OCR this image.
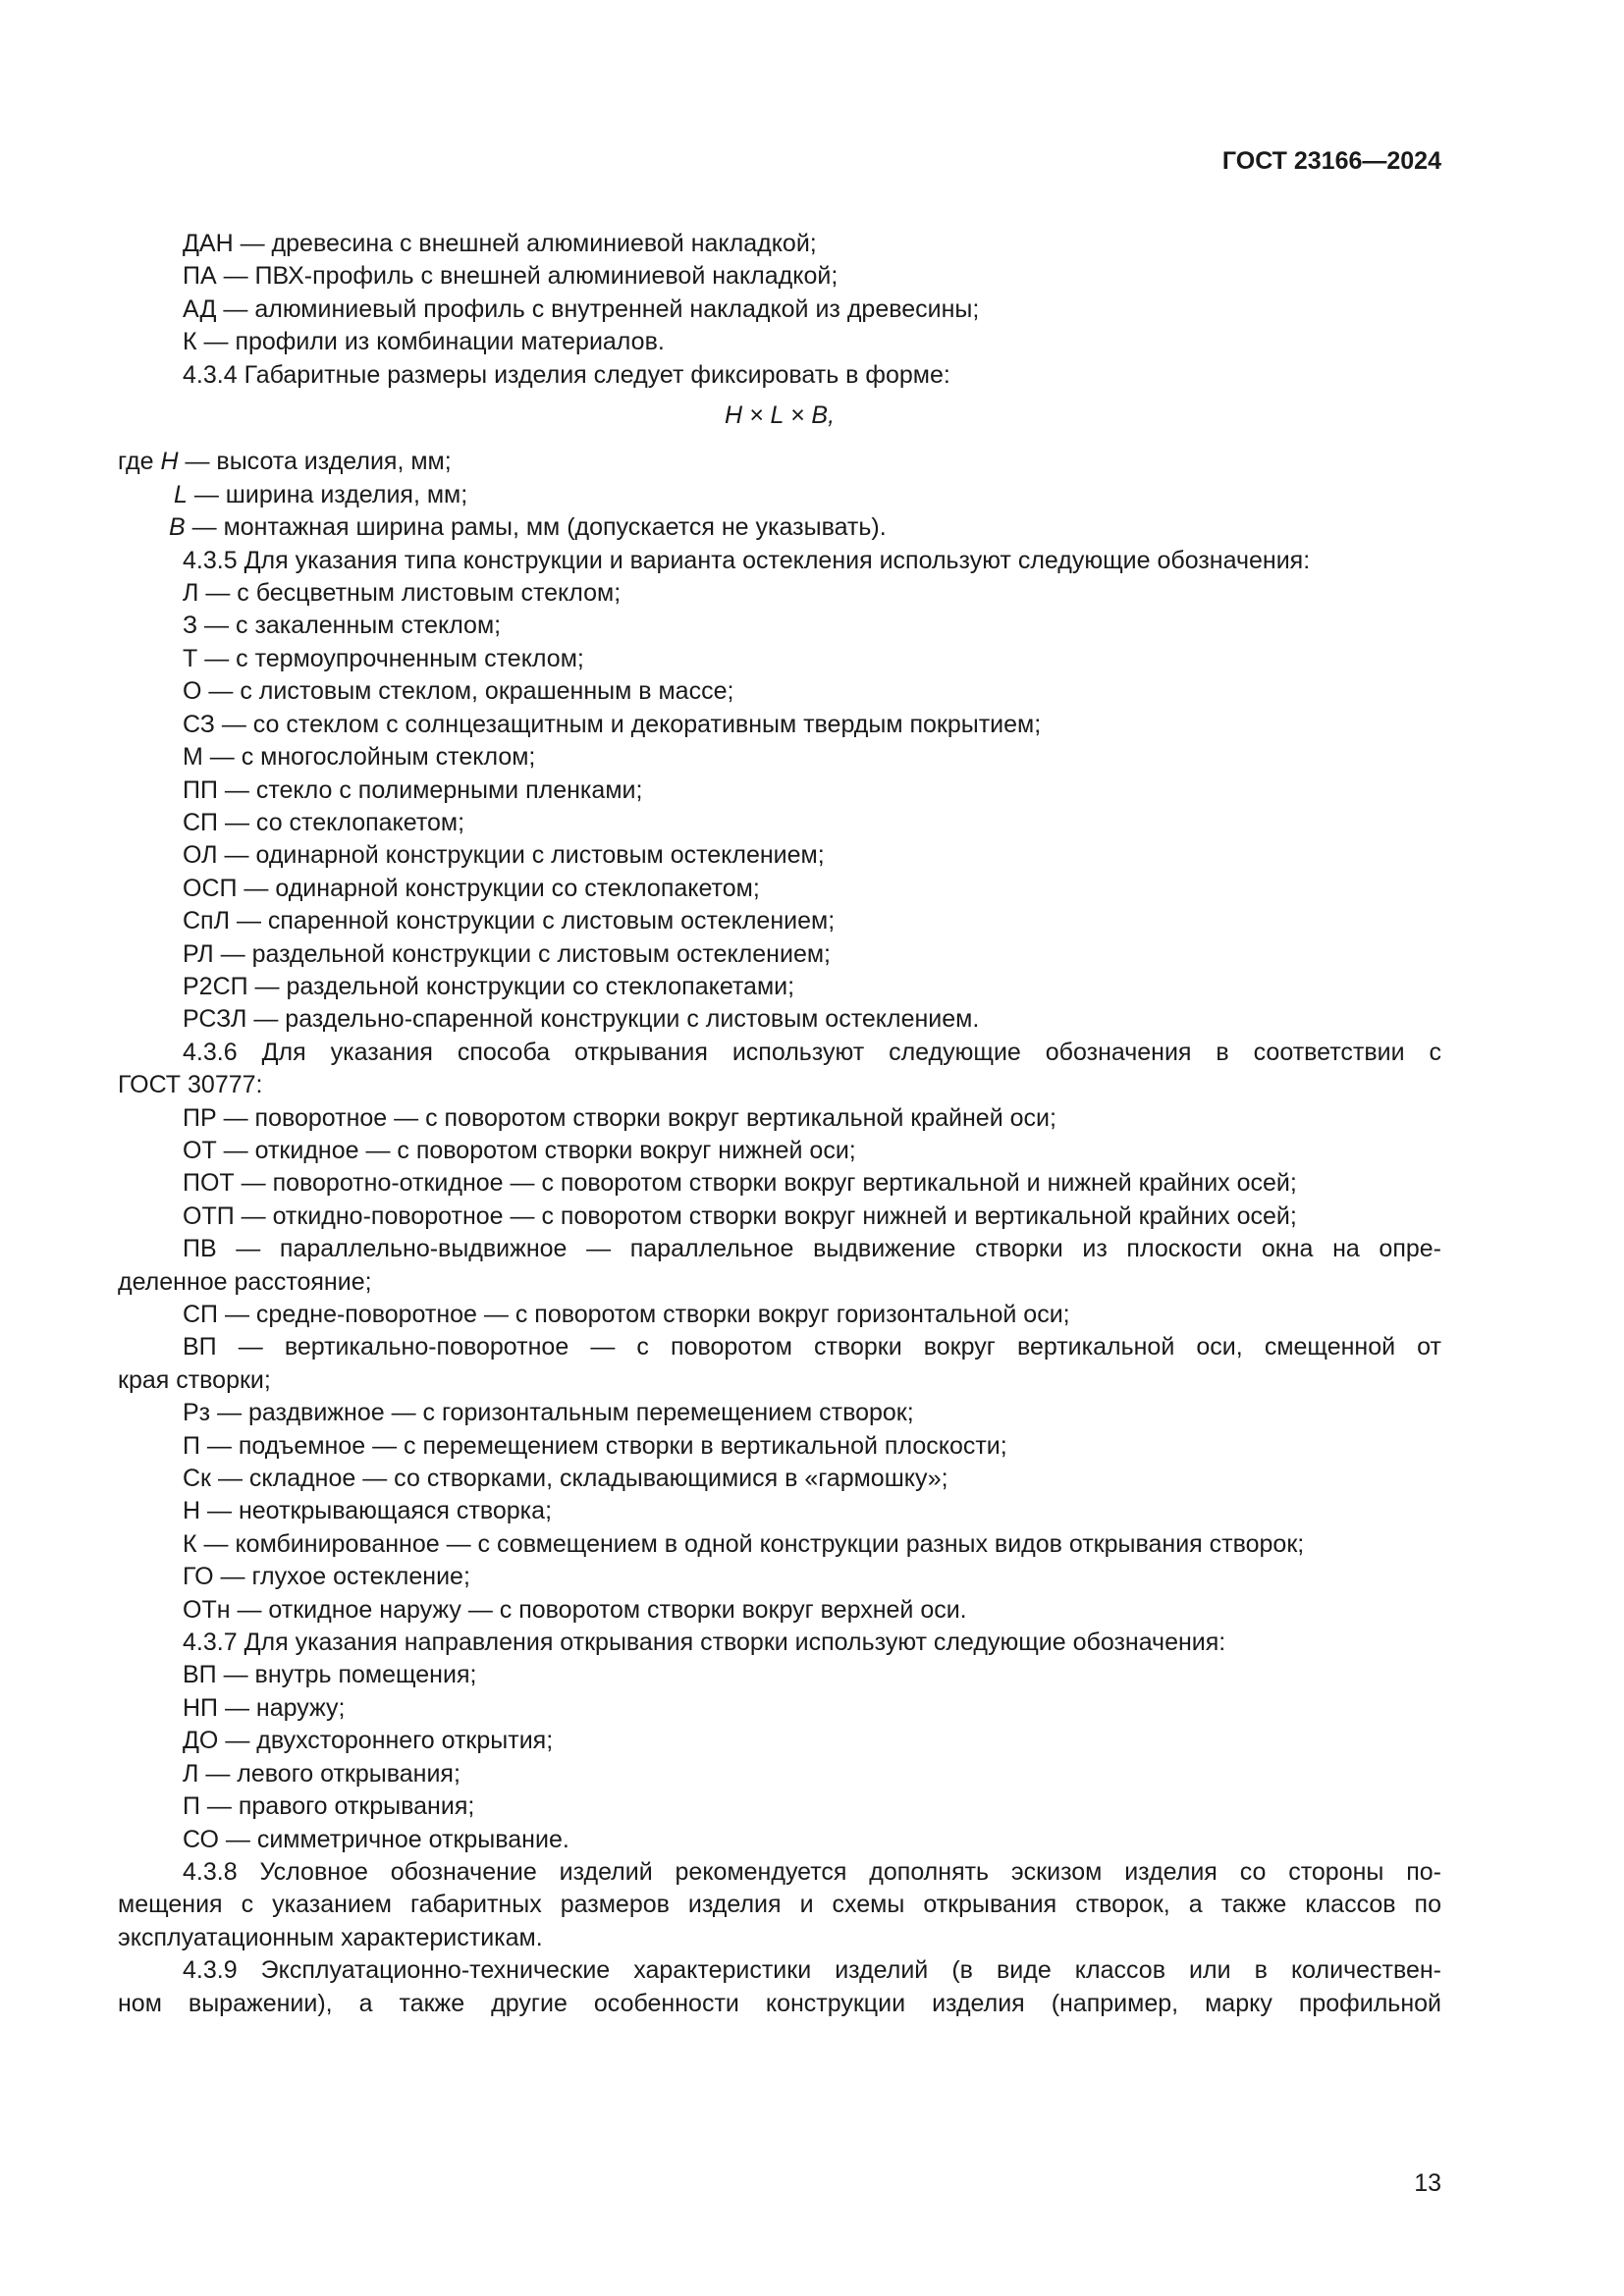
ГОСТ 23166—2024

ДАН — древесина с внешней алюминиевой накладкой;

ПА — ПВХ-профиль с внешней алюминиевой накладкой;

АД — алюминиевый профиль с внутренней накладкой из древесины;

К — профили из комбинации материалов.

4.3.4 Габаритные размеры изделия следует фиксировать в форме:

H × L × B,

где H — высота изделия, мм;

L — ширина изделия, мм;

B — монтажная ширина рамы, мм (допускается не указывать).

4.3.5 Для указания типа конструкции и варианта остекления используют следующие обозначения:

Л — с бесцветным листовым стеклом;

З — с закаленным стеклом;

Т — с термоупрочненным стеклом;

О — с листовым стеклом, окрашенным в массе;

СЗ — со стеклом с солнцезащитным и декоративным твердым покрытием;

М — с многослойным стеклом;

ПП — стекло с полимерными пленками;

СП — со стеклопакетом;

ОЛ — одинарной конструкции с листовым остеклением;

ОСП — одинарной конструкции со стеклопакетом;

СпЛ — спаренной конструкции с листовым остеклением;

РЛ — раздельной конструкции с листовым остеклением;

Р2СП — раздельной конструкции со стеклопакетами;

РСЗЛ — раздельно-спаренной конструкции с листовым остеклением.

4.3.6 Для указания способа открывания используют следующие обозначения в соответствии с

ГОСТ 30777:

ПР — поворотное — с поворотом створки вокруг вертикальной крайней оси;

ОТ — откидное — с поворотом створки вокруг нижней оси;

ПОТ — поворотно-откидное — с поворотом створки вокруг вертикальной и нижней крайних осей;

ОТП — откидно-поворотное — с поворотом створки вокруг нижней и вертикальной крайних осей;

ПВ — параллельно-выдвижное — параллельное выдвижение створки из плоскости окна на опре-

деленное расстояние;

СП — средне-поворотное — с поворотом створки вокруг горизонтальной оси;

ВП — вертикально-поворотное — с поворотом створки вокруг вертикальной оси, смещенной от

края створки;

Рз — раздвижное — с горизонтальным перемещением створок;

П — подъемное — с перемещением створки в вертикальной плоскости;

Ск — складное — со створками, складывающимися в «гармошку»;

Н — неоткрывающаяся створка;

К — комбинированное — с совмещением в одной конструкции разных видов открывания створок;

ГО — глухое остекление;

ОТн — откидное наружу — с поворотом створки вокруг верхней оси.

4.3.7 Для указания направления открывания створки используют следующие обозначения:

ВП — внутрь помещения;

НП — наружу;

ДО — двухстороннего открытия;

Л — левого открывания;

П — правого открывания;

СО — симметричное открывание.

4.3.8 Условное обозначение изделий рекомендуется дополнять эскизом изделия со стороны по-

мещения с указанием габаритных размеров изделия и схемы открывания створок, а также классов по

эксплуатационным характеристикам.

4.3.9 Эксплуатационно-технические характеристики изделий (в виде классов или в количествен-

ном выражении), а также другие особенности конструкции изделия (например, марку профильной

13
